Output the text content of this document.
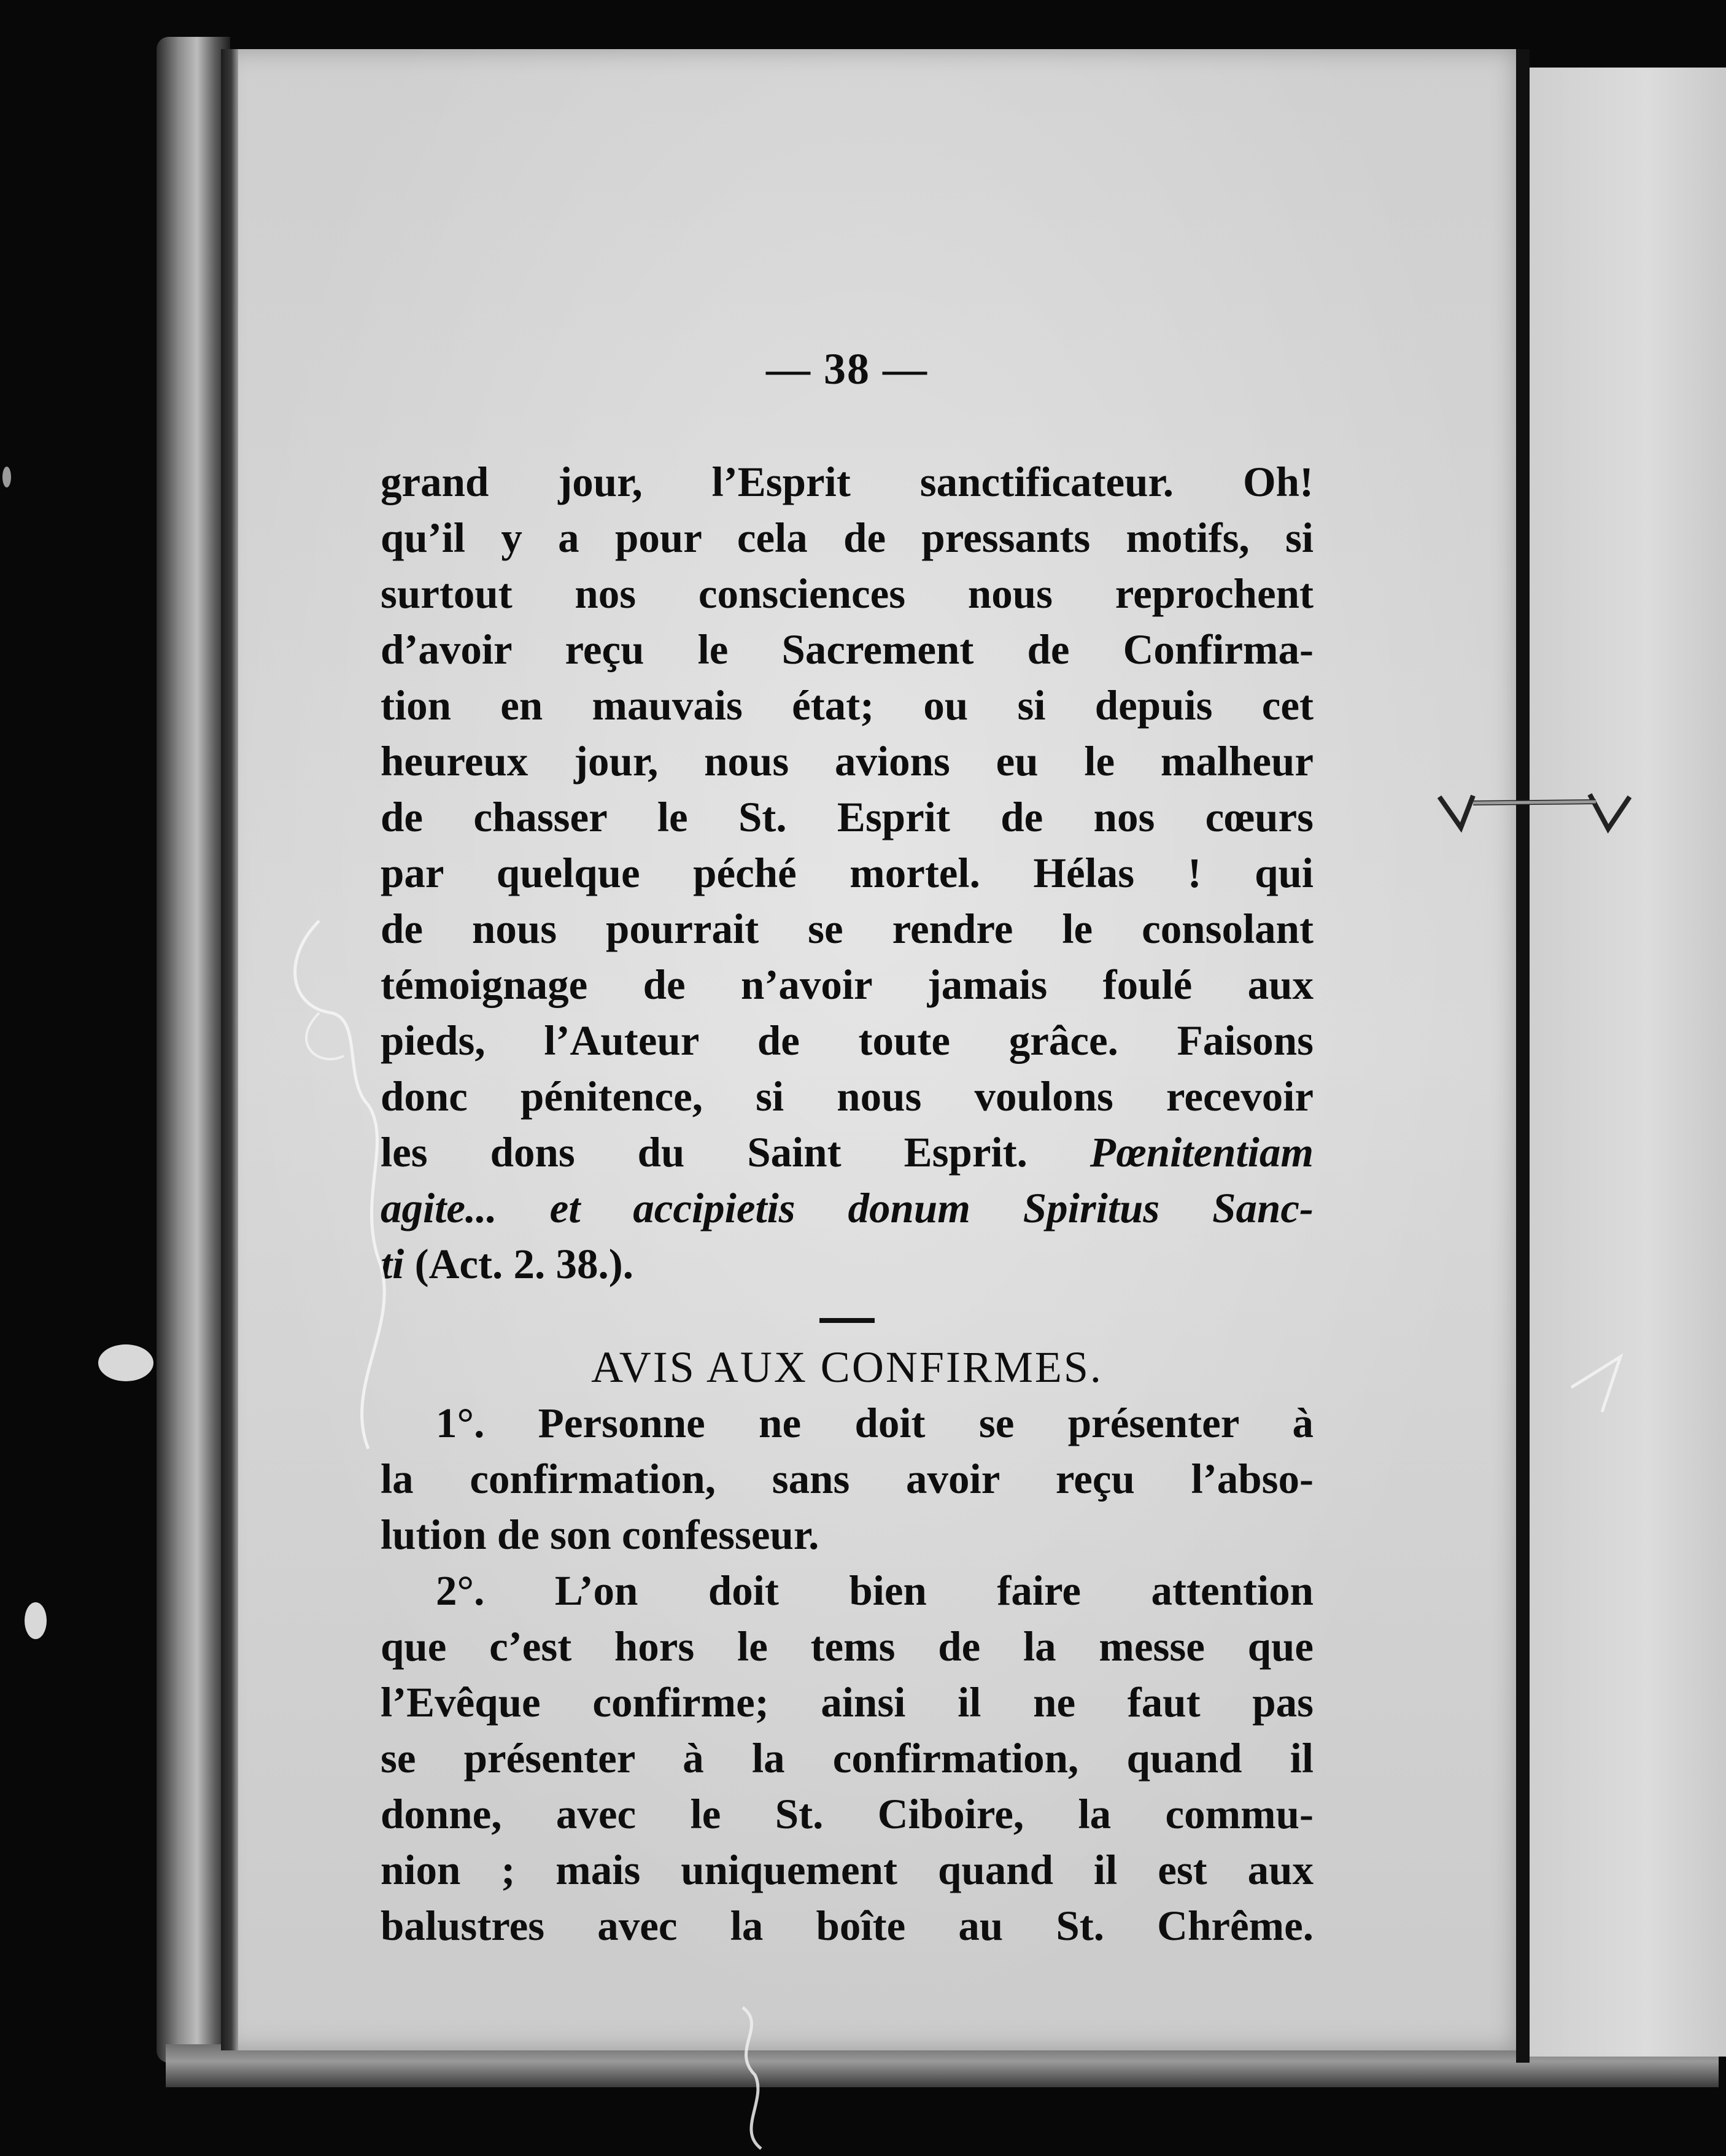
— 38 —
grand jour, l’Esprit sanctificateur. Oh!
qu’il y a pour cela de pressants motifs, si
surtout nos consciences nous reprochent
d’avoir reçu le Sacrement de Confirma-
tion en mauvais état; ou si depuis cet
heureux jour, nous avions eu le malheur
de chasser le St. Esprit de nos cœurs
par quelque péché mortel. Hélas ! qui
de nous pourrait se rendre le consolant
témoignage de n’avoir jamais foulé aux
pieds, l’Auteur de toute grâce. Faisons
donc pénitence, si nous voulons recevoir
les dons du Saint Esprit. Pœnitentiam
agite... et accipietis donum Spiritus Sanc-
ti (Act. 2. 38.).
AVIS AUX CONFIRMES.
1°. Personne ne doit se présenter à
la confirmation, sans avoir reçu l’abso-
lution de son confesseur.
2°. L’on doit bien faire attention
que c’est hors le tems de la messe que
l’Evêque confirme; ainsi il ne faut pas
se présenter à la confirmation, quand il
donne, avec le St. Ciboire, la commu-
nion ; mais uniquement quand il est aux
balustres avec la boîte au St. Chrême.
